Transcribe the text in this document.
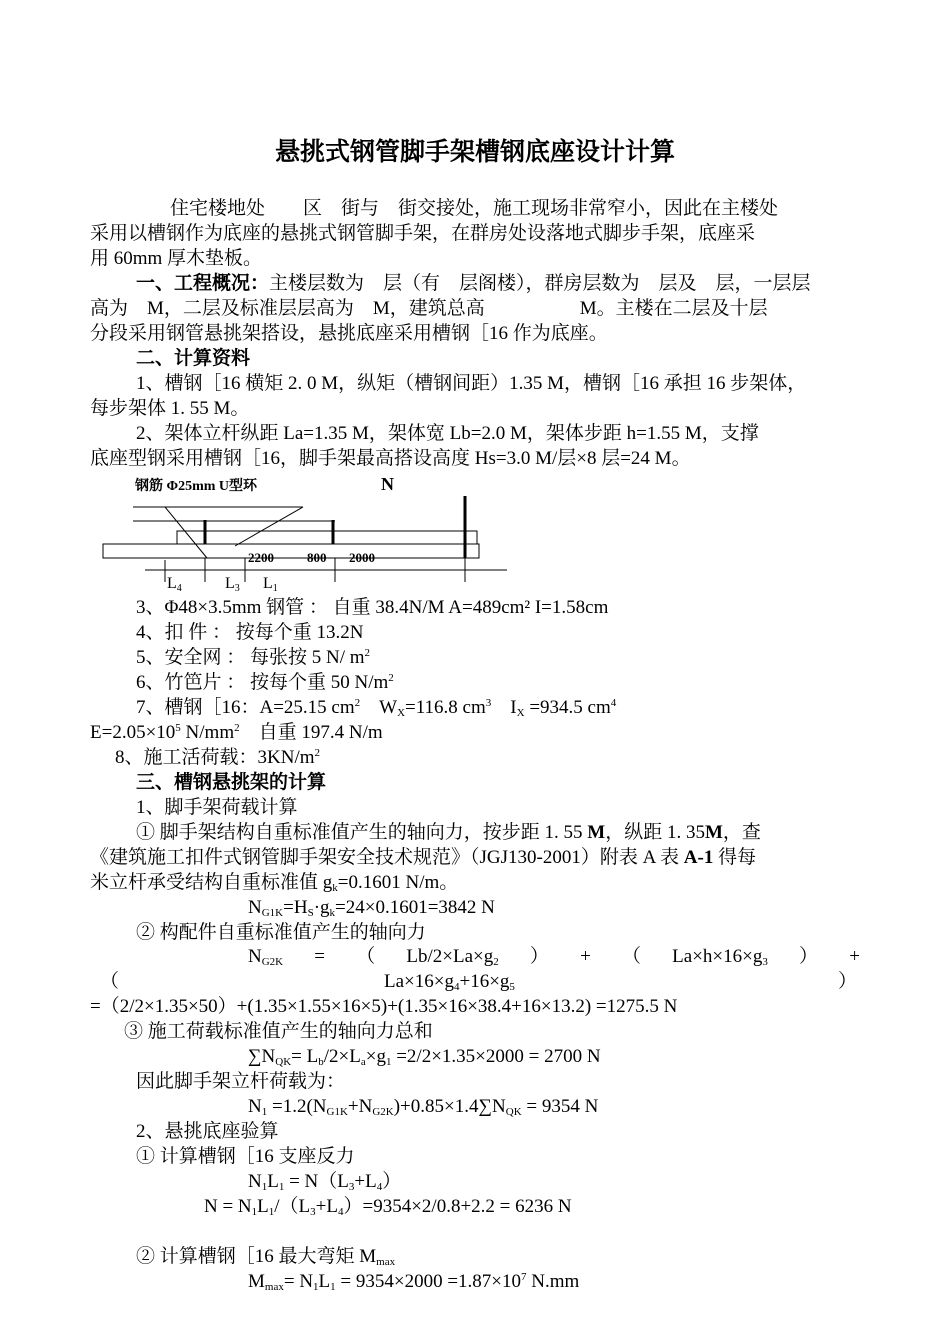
悬挑式钢管脚手架槽钢底座设计计算
住宅楼地处　　区　街与　街交接处，施工现场非常窄小，因此在主楼处
采用以槽钢作为底座的悬挑式钢管脚手架，在群房处设落地式脚步手架，底座采
用 60mm 厚木垫板。
一、工程概况：主楼层数为　层（有　层阁楼），群房层数为　层及　层，一层层
高为　M，二层及标准层层高为　M，建筑总高　　　　　M。主楼在二层及十层
分段采用钢管悬挑架搭设，悬挑底座采用槽钢［16 作为底座。
二、计算资料
1、槽钢［16 横矩 2. 0 M，纵矩（槽钢间距）1.35 M，槽钢［16 承担 16 步架体，
每步架体 1. 55 M。
2、架体立杆纵距 La=1.35 M，架体宽 Lb=2.0 M，架体步距 h=1.55 M，支撑
底座型钢采用槽钢［16，脚手架最高搭设高度 Hs=3.0 M/层×8 层=24 M。
钢筋 Φ25mm U型环	N
2200	800 2000
L4	L3 L1
3、Φ48×3.5mm 钢管 ： 自重 38.4N/M A=489cm² I=1.58cm
4、扣 件 ： 按每个重 13.2N
5、安全网 ： 每张按 5 N/ $m^2$
6、竹笆片 ： 按每个重 50 $N/m^2$
7、槽钢［16：A=25.15 $cm^2$　$W_X=116.8$ $cm^3$　$I_X =934.5$ $cm^4$
$E=2.05\times 10^5$ $N/mm^2$　自重 197.4 N/m
8、施工活荷载：$3KN/m^2$
三、槽钢悬挑架的计算
1、脚手架荷载计算
① 脚手架结构自重标准值产生的轴向力，按步距 1. 55 M，纵距 1. 35M，查
《建筑施工扣件式钢管脚手架安全技术规范》（JGJ130-2001）附表 A 表 A-1 得每
米立杆承受结构自重标准值 $g_k=0.1601$ N/m。
$N_{G1K}=H_S\cdot g_k=24\times 0.1601=3842$ N
② 构配件自重标准值产生的轴向力
$N_{G2K}$ = （ $Lb/2\times La\times g_2$ ） + （ $La\times h\times 16\times g_3$ ） +
（	$La\times 16\times g_4+16\times g_5$	）
=（2/2×1.35×50）+(1.35×1.55×16×5)+(1.35×16×38.4+16×13.2) =1275.5 N
③ 施工荷载标准值产生的轴向力总和
$\sum N_{QK}= L_b/2\times L_a\times g_1 =2/2\times 1.35\times 2000 = 2700$ N
因此脚手架立杆荷载为：
$N_1 =1.2(N_{G1K}+N_{G2K})+0.85\times 1.4\sum N_{QK} = 9354$ N
2、悬挑底座验算
① 计算槽钢［16 支座反力
$N_1L_1 = N(L_3+L_4)$
$N = N_1L_1/(L_3+L_4)=9354\times 2/0.8+2.2 = 6236$ N
② 计算槽钢［16 最大弯矩 $M_{max}$
$M_{max}= N_1L_1 = 9354\times 2000 =1.87\times 10^7$ N.mm
